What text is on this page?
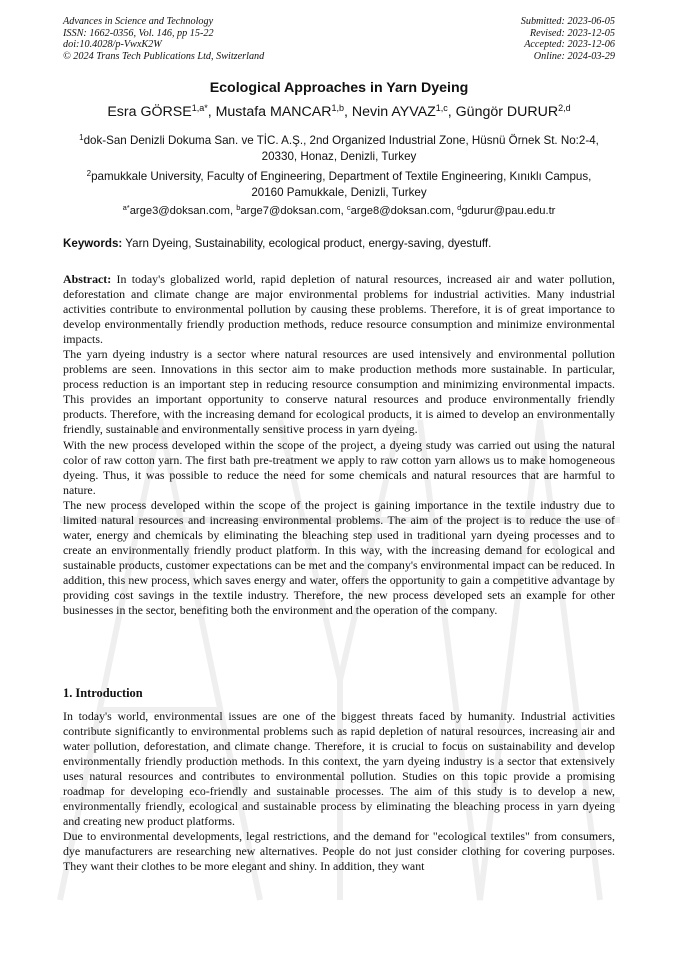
Advances in Science and Technology
ISSN: 1662-0356, Vol. 146, pp 15-22
doi:10.4028/p-VwxK2W
© 2024 Trans Tech Publications Ltd, Switzerland
Submitted: 2023-06-05
Revised: 2023-12-05
Accepted: 2023-12-06
Online: 2024-03-29
Ecological Approaches in Yarn Dyeing
Esra $GÖRSE^{1,a*}$, Mustafa MANCAR$^{1,b}$, Nevin AYVAZ$^{1,c}$, Güngör DURUR$^{2,d}$
$^1$dok-San Denizli Dokuma San. ve TİC. A.Ş., 2nd Organized Industrial Zone, Hüsnü Örnek St. No:2-4, 20330, Honaz, Denizli, Turkey
$^2$pamukkale University, Faculty of Engineering, Department of Textile Engineering, Kınıklı Campus, 20160 Pamukkale, Denizli, Turkey
$^{a*}$arge3@doksan.com, $^b$arge7@doksan.com, $^c$arge8@doksan.com, $^d$gdurur@pau.edu.tr
Keywords: Yarn Dyeing, Sustainability, ecological product, energy-saving, dyestuff.

Abstract: In today's globalized world, rapid depletion of natural resources, increased air and water pollution, deforestation and climate change are major environmental problems for industrial activities. Many industrial activities contribute to environmental pollution by causing these problems. Therefore, it is of great importance to develop environmentally friendly production methods, reduce resource consumption and minimize environmental impacts.

The yarn dyeing industry is a sector where natural resources are used intensively and environmental pollution problems are seen. Innovations in this sector aim to make production methods more sustainable. In particular, process reduction is an important step in reducing resource consumption and minimizing environmental impacts. This provides an important opportunity to conserve natural resources and produce environmentally friendly products. Therefore, with the increasing demand for ecological products, it is aimed to develop an environmentally friendly, sustainable and environmentally sensitive process in yarn dyeing.

With the new process developed within the scope of the project, a dyeing study was carried out using the natural color of raw cotton yarn. The first bath pre-treatment we apply to raw cotton yarn allows us to make homogeneous dyeing. Thus, it was possible to reduce the need for some chemicals and natural resources that are harmful to nature.

The new process developed within the scope of the project is gaining importance in the textile industry due to limited natural resources and increasing environmental problems. The aim of the project is to reduce the use of water, energy and chemicals by eliminating the bleaching step used in traditional yarn dyeing processes and to create an environmentally friendly product platform. In this way, with the increasing demand for ecological and sustainable products, customer expectations can be met and the company's environmental impact can be reduced. In addition, this new process, which saves energy and water, offers the opportunity to gain a competitive advantage by providing cost savings in the textile industry. Therefore, the new process developed sets an example for other businesses in the sector, benefiting both the environment and the operation of the company.

1. Introduction

In today's world, environmental issues are one of the biggest threats faced by humanity. Industrial activities contribute significantly to environmental problems such as rapid depletion of natural resources, increasing air and water pollution, deforestation, and climate change. Therefore, it is crucial to focus on sustainability and develop environmentally friendly production methods. In this context, the yarn dyeing industry is a sector that extensively uses natural resources and contributes to environmental pollution. Studies on this topic provide a promising roadmap for developing eco-friendly and sustainable processes. The aim of this study is to develop a new, environmentally friendly, ecological and sustainable process by eliminating the bleaching process in yarn dyeing and creating new product platforms.

Due to environmental developments, legal restrictions, and the demand for "ecological textiles" from consumers, dye manufacturers are researching new alternatives. People do not just consider clothing for covering purposes. They want their clothes to be more elegant and shiny. In addition, they want
